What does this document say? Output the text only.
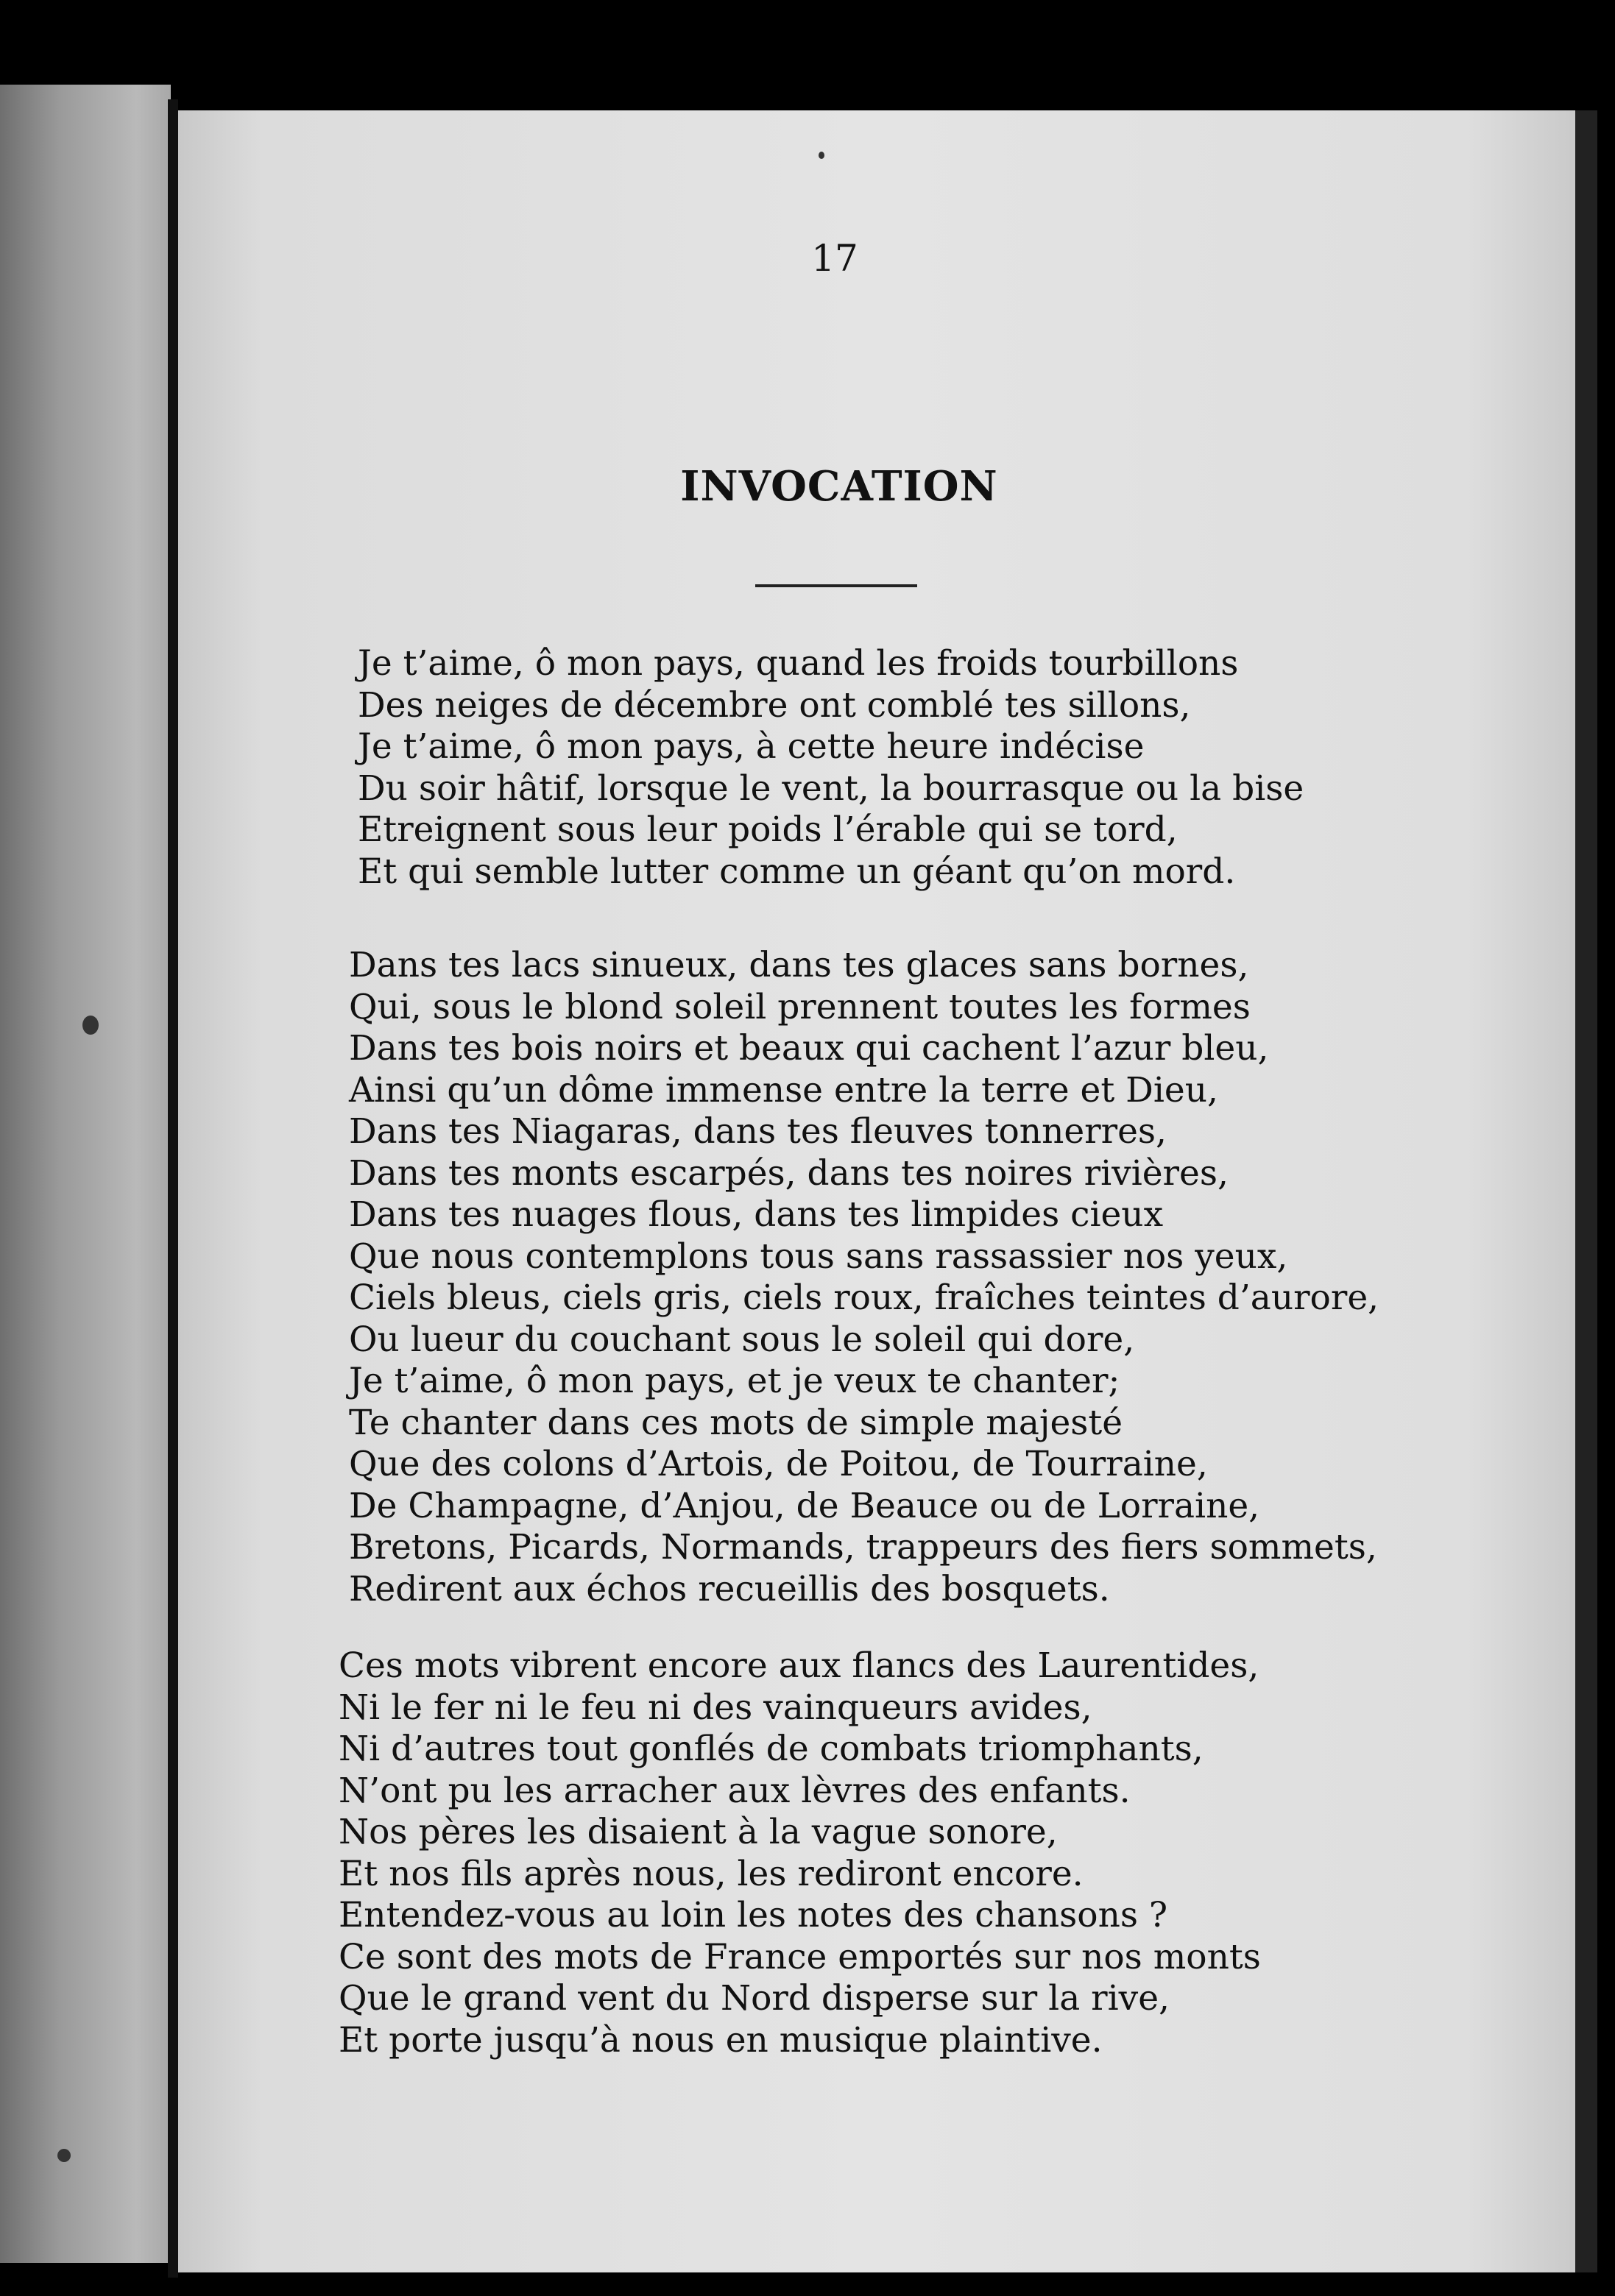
17
INVOCATION

Je t’aime, ô mon pays, quand les froids tourbillons
Des neiges de décembre ont comblé tes sillons,
Je t’aime, ô mon pays, à cette heure indécise
Du soir hâtif, lorsque le vent, la bourrasque ou la bise
Etreignent sous leur poids l’érable qui se tord,
Et qui semble lutter comme un géant qu’on mord.

Dans tes lacs sinueux, dans tes glaces sans bornes,
Qui, sous le blond soleil prennent toutes les formes
Dans tes bois noirs et beaux qui cachent l’azur bleu,
Ainsi qu’un dôme immense entre la terre et Dieu,
Dans tes Niagaras, dans tes fleuves tonnerres,
Dans tes monts escarpés, dans tes noires rivières,
Dans tes nuages flous, dans tes limpides cieux
Que nous contemplons tous sans rassassier nos yeux,
Ciels bleus, ciels gris, ciels roux, fraîches teintes d’aurore,
Ou lueur du couchant sous le soleil qui dore,
Je t’aime, ô mon pays, et je veux te chanter;
Te chanter dans ces mots de simple majesté
Que des colons d’Artois, de Poitou, de Tourraine,
De Champagne, d’Anjou, de Beauce ou de Lorraine,
Bretons, Picards, Normands, trappeurs des fiers sommets,
Redirent aux échos recueillis des bosquets.

Ces mots vibrent encore aux flancs des Laurentides,
Ni le fer ni le feu ni des vainqueurs avides,
Ni d’autres tout gonflés de combats triomphants,
N’ont pu les arracher aux lèvres des enfants.
Nos pères les disaient à la vague sonore,
Et nos fils après nous, les rediront encore.
Entendez-vous au loin les notes des chansons ?
Ce sont des mots de France emportés sur nos monts
Que le grand vent du Nord disperse sur la rive,
Et porte jusqu’à nous en musique plaintive.
